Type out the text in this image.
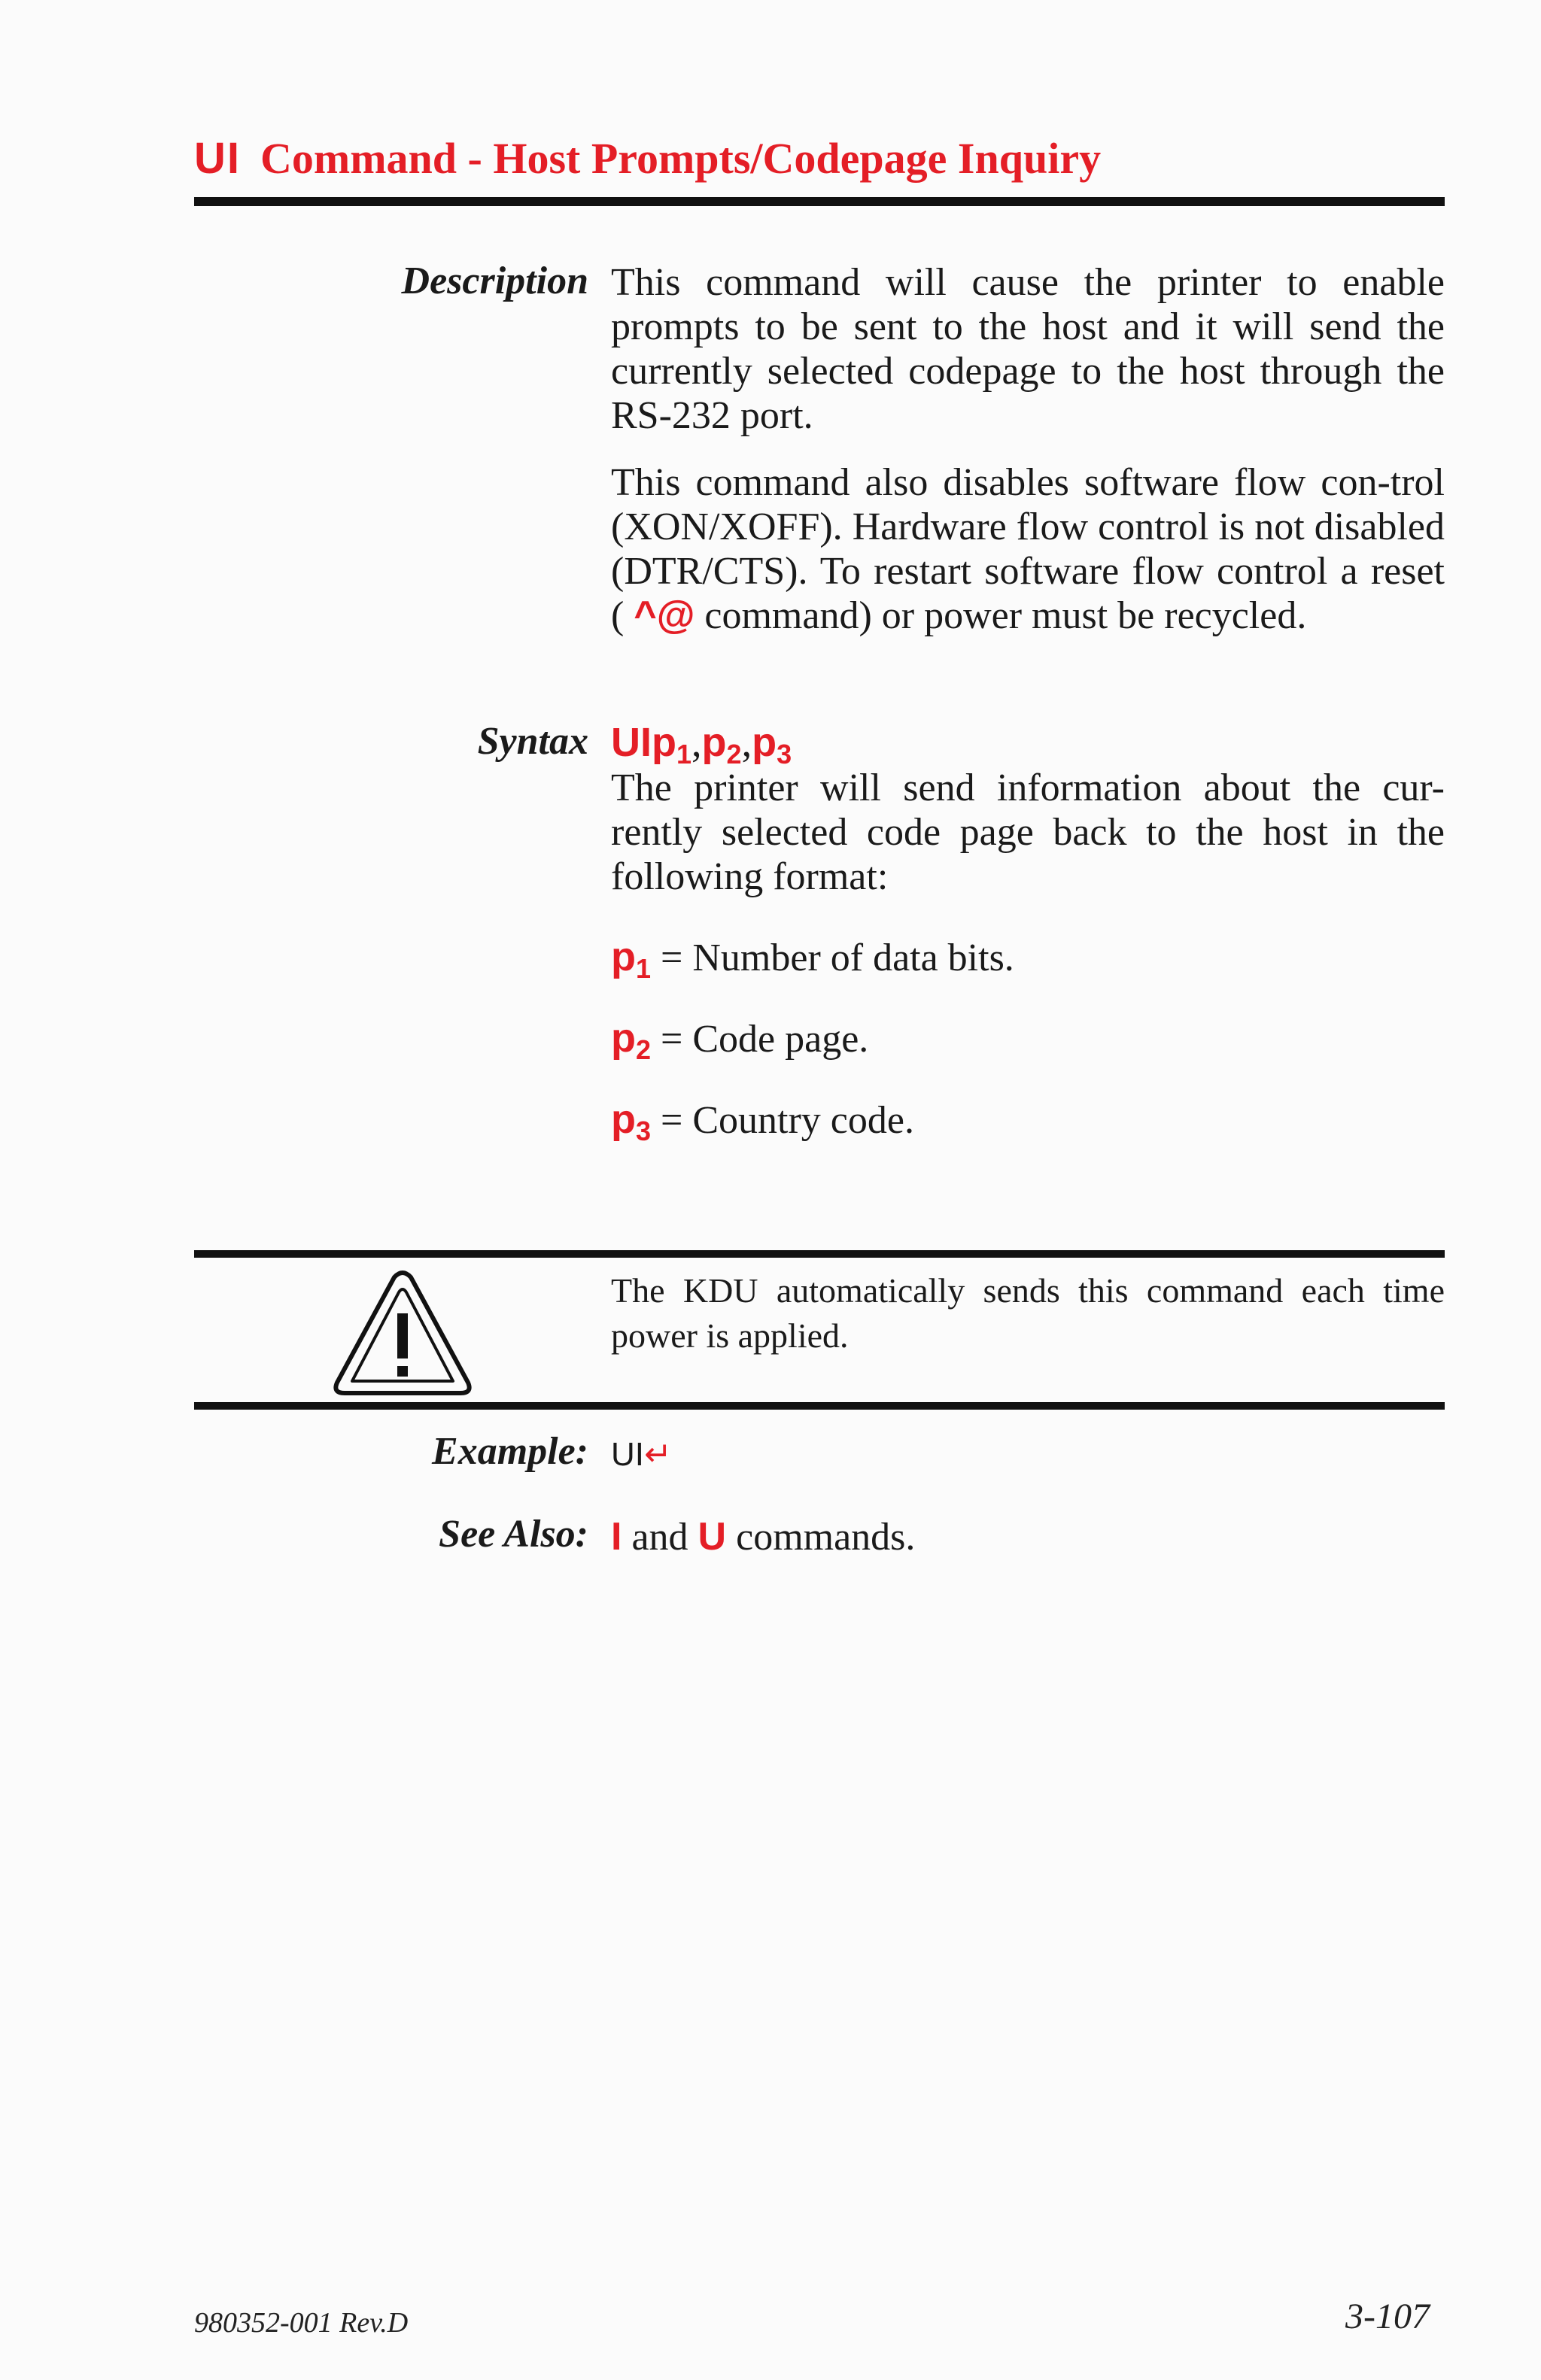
UI Command - Host Prompts/Codepage Inquiry
Description This command will cause the printer to enable prompts to be sent to the host and it will send the currently selected codepage to the host through the RS-232 port.
This command also disables software flow con-trol (XON/XOFF). Hardware flow control is not disabled (DTR/CTS). To restart software flow control a reset ( ^@ command) or power must be recycled.
Syntax $UIp_1,p_2,p_3$
The printer will send information about the cur-rently selected code page back to the host in the following format:
$p_1$ = Number of data bits.
$p_2$ = Code page.
$p_3$ = Country code.
The KDU automatically sends this command each time power is applied.
Example: UI↵
See Also: I and U commands.
980352-001 Rev.D	3-107
